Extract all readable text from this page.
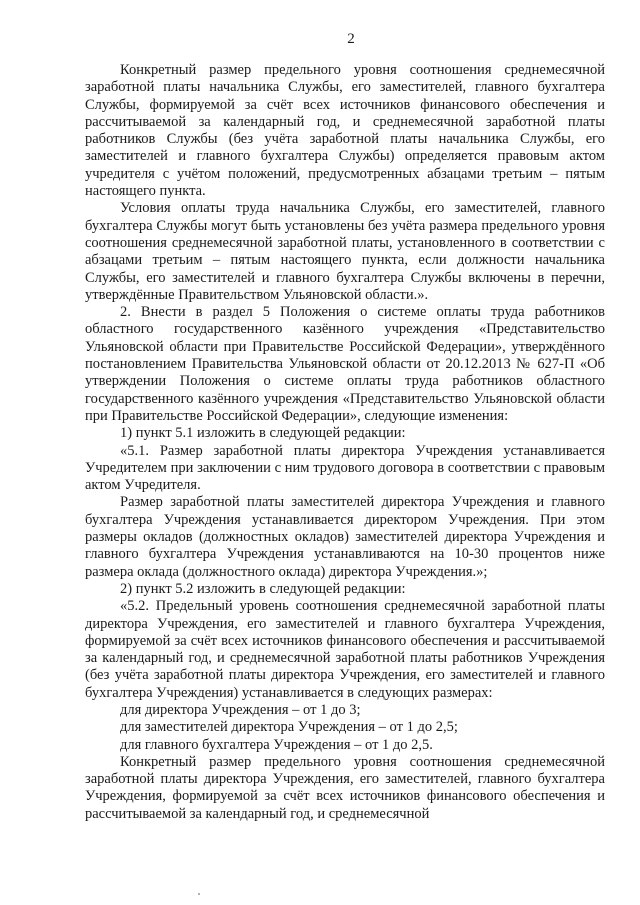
2

Конкретный размер предельного уровня соотношения среднемесячной заработной платы начальника Службы, его заместителей, главного бухгалтера Службы, формируемой за счёт всех источников финансового обеспечения и рассчитываемой за календарный год, и среднемесячной заработной платы работников Службы (без учёта заработной платы начальника Службы, его заместителей и главного бухгалтера Службы) определяется правовым актом учредителя с учётом положений, предусмотренных абзацами третьим – пятым настоящего пункта.

Условия оплаты труда начальника Службы, его заместителей, главного бухгалтера Службы могут быть установлены без учёта размера предельного уровня соотношения среднемесячной заработной платы, установленного в соответствии с абзацами третьим – пятым настоящего пункта, если должности начальника Службы, его заместителей и главного бухгалтера Службы включены в перечни, утверждённые Правительством Ульяновской области.».

2. Внести в раздел 5 Положения о системе оплаты труда работников областного государственного казённого учреждения «Представительство Ульяновской области при Правительстве Российской Федерации», утверждённого постановлением Правительства Ульяновской области от 20.12.2013 № 627-П «Об утверждении Положения о системе оплаты труда работников областного государственного казённого учреждения «Представительство Ульяновской области при Правительстве Российской Федерации», следующие изменения:

1) пункт 5.1 изложить в следующей редакции:

«5.1. Размер заработной платы директора Учреждения устанавливается Учредителем при заключении с ним трудового договора в соответствии с правовым актом Учредителя.

Размер заработной платы заместителей директора Учреждения и главного бухгалтера Учреждения устанавливается директором Учреждения. При этом размеры окладов (должностных окладов) заместителей директора Учреждения и главного бухгалтера Учреждения устанавливаются на 10-30 процентов ниже размера оклада (должностного оклада) директора Учреждения.»;

2) пункт 5.2 изложить в следующей редакции:

«5.2. Предельный уровень соотношения среднемесячной заработной платы директора Учреждения, его заместителей и главного бухгалтера Учреждения, формируемой за счёт всех источников финансового обеспечения и рассчитываемой за календарный год, и среднемесячной заработной платы работников Учреждения (без учёта заработной платы директора Учреждения, его заместителей и главного бухгалтера Учреждения) устанавливается в следующих размерах:

для директора Учреждения – от 1 до 3;

для заместителей директора Учреждения – от 1 до 2,5;

для главного бухгалтера Учреждения – от 1 до 2,5.

Конкретный размер предельного уровня соотношения среднемесячной заработной платы директора Учреждения, его заместителей, главного бухгалтера Учреждения, формируемой за счёт всех источников финансового обеспечения и рассчитываемой за календарный год, и среднемесячной
